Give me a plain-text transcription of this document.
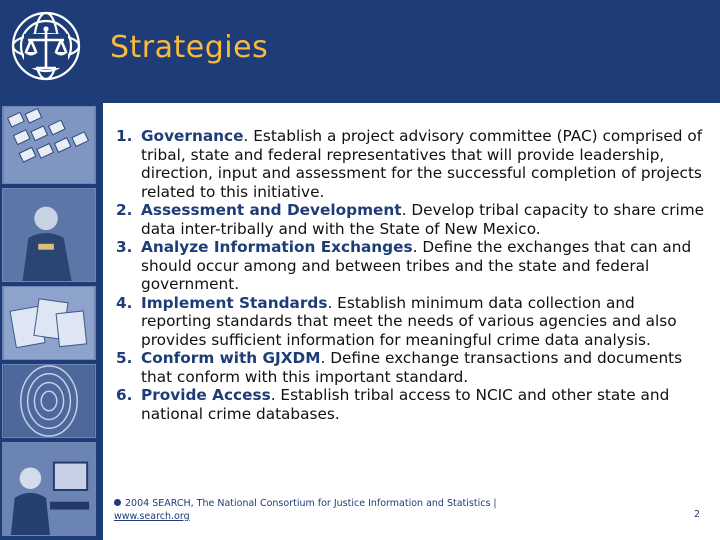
Strategies
1. Governance. Establish a project advisory committee (PAC) comprised of tribal, state and federal representatives that will provide leadership, direction, input and assessment for the successful completion of projects related to this initiative.
2. Assessment and Development. Develop tribal capacity to share crime data inter-tribally and with the State of New Mexico.
3. Analyze Information Exchanges. Define the exchanges that can and should occur among and between tribes and the state and federal government.
4. Implement Standards. Establish minimum data collection and reporting standards that meet the needs of various agencies and also provides sufficient information for meaningful crime data analysis.
5. Conform with GJXDM. Define exchange transactions and documents that conform with this important standard.
6. Provide Access. Establish tribal access to NCIC and other state and national crime databases.
2004 SEARCH, The National Consortium for Justice Information and Statistics |
www.search.org	2
